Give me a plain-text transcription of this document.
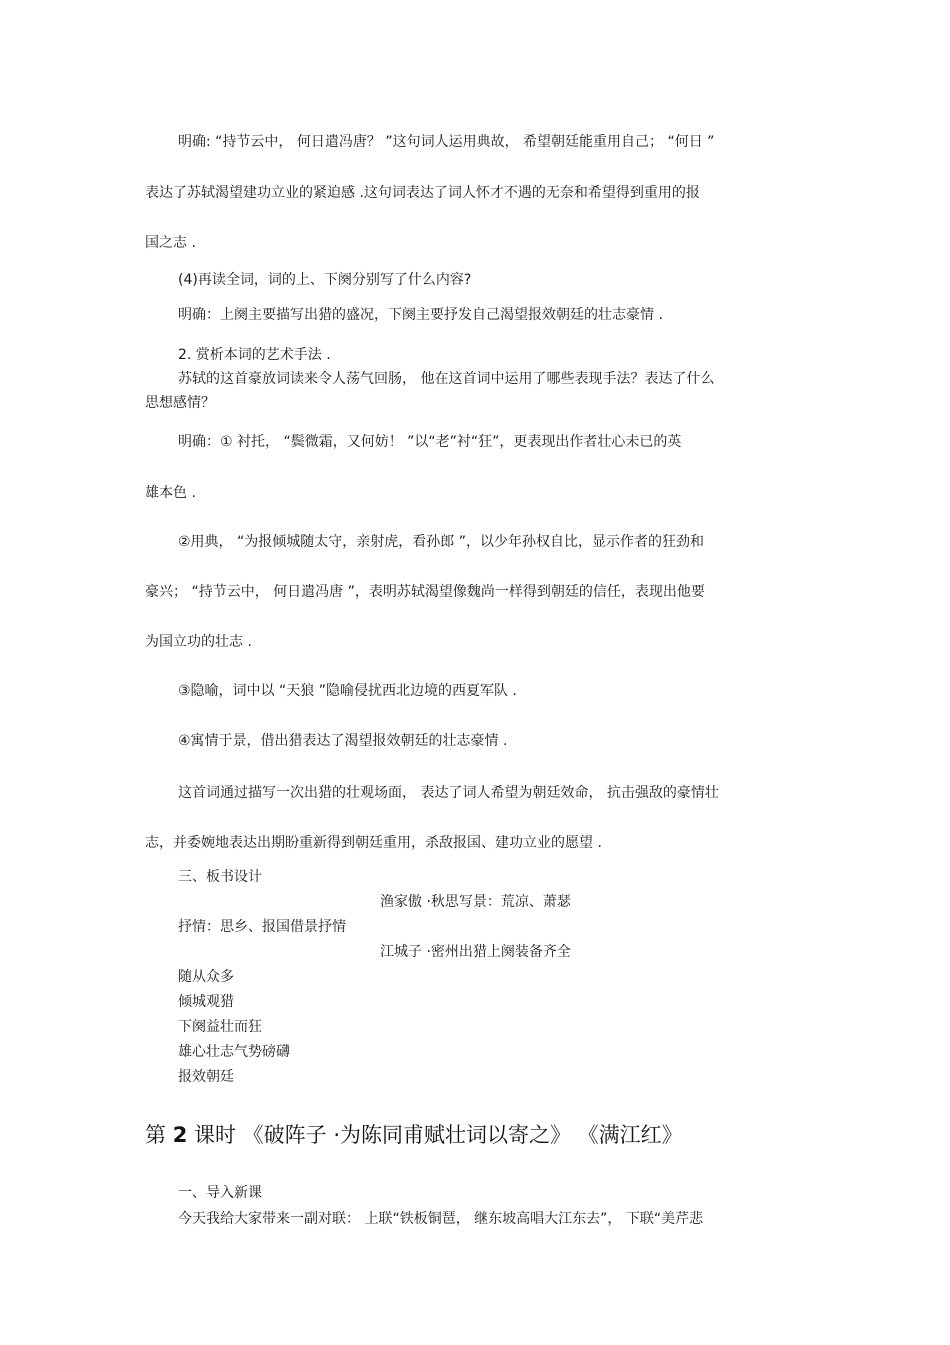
明确: “持节云中， 何日遣冯唐？ ”这句词人运用典故， 希望朝廷能重用自己； “何日 ”
表达了苏轼渴望建功立业的紧迫感 .这句词表达了词人怀才不遇的无奈和希望得到重用的报
国之志 .
(4)再读全词，词的上、下阕分别写了什么内容?
明确：上阕主要描写出猎的盛况，下阕主要抒发自己渴望报效朝廷的壮志豪情 .
2. 赏析本词的艺术手法 .
苏轼的这首豪放词读来令人荡气回肠， 他在这首词中运用了哪些表现手法？表达了什么
思想感情？
明确：① 衬托， “鬓微霜，又何妨！ ”以“老”衬“狂”，更表现出作者壮心未已的英
雄本色 .
②用典， “为报倾城随太守，亲射虎，看孙郎 ”，以少年孙权自比，显示作者的狂劲和
豪兴； “持节云中， 何日遣冯唐 ”，表明苏轼渴望像魏尚一样得到朝廷的信任，表现出他要
为国立功的壮志 .
③隐喻，词中以 “天狼 ”隐喻侵扰西北边境的西夏军队 .
④寓情于景，借出猎表达了渴望报效朝廷的壮志豪情 .
这首词通过描写一次出猎的壮观场面， 表达了词人希望为朝廷效命， 抗击强敌的豪情壮
志，并委婉地表达出期盼重新得到朝廷重用，杀敌报国、建功立业的愿望 .
三、板书设计
渔家傲 ·秋思写景：荒凉、萧瑟
抒情：思乡、报国借景抒情
江城子 ·密州出猎上阕装备齐全
随从众多
倾城观猎
下阕益壮而狂
雄心壮志气势磅礴
报效朝廷
第 2 课时 《破阵子 ·为陈同甫赋壮词以寄之》 《满江红》
一、导入新课
今天我给大家带来一副对联： 上联“铁板铜琶， 继东坡高唱大江东去”， 下联“美芹悲
